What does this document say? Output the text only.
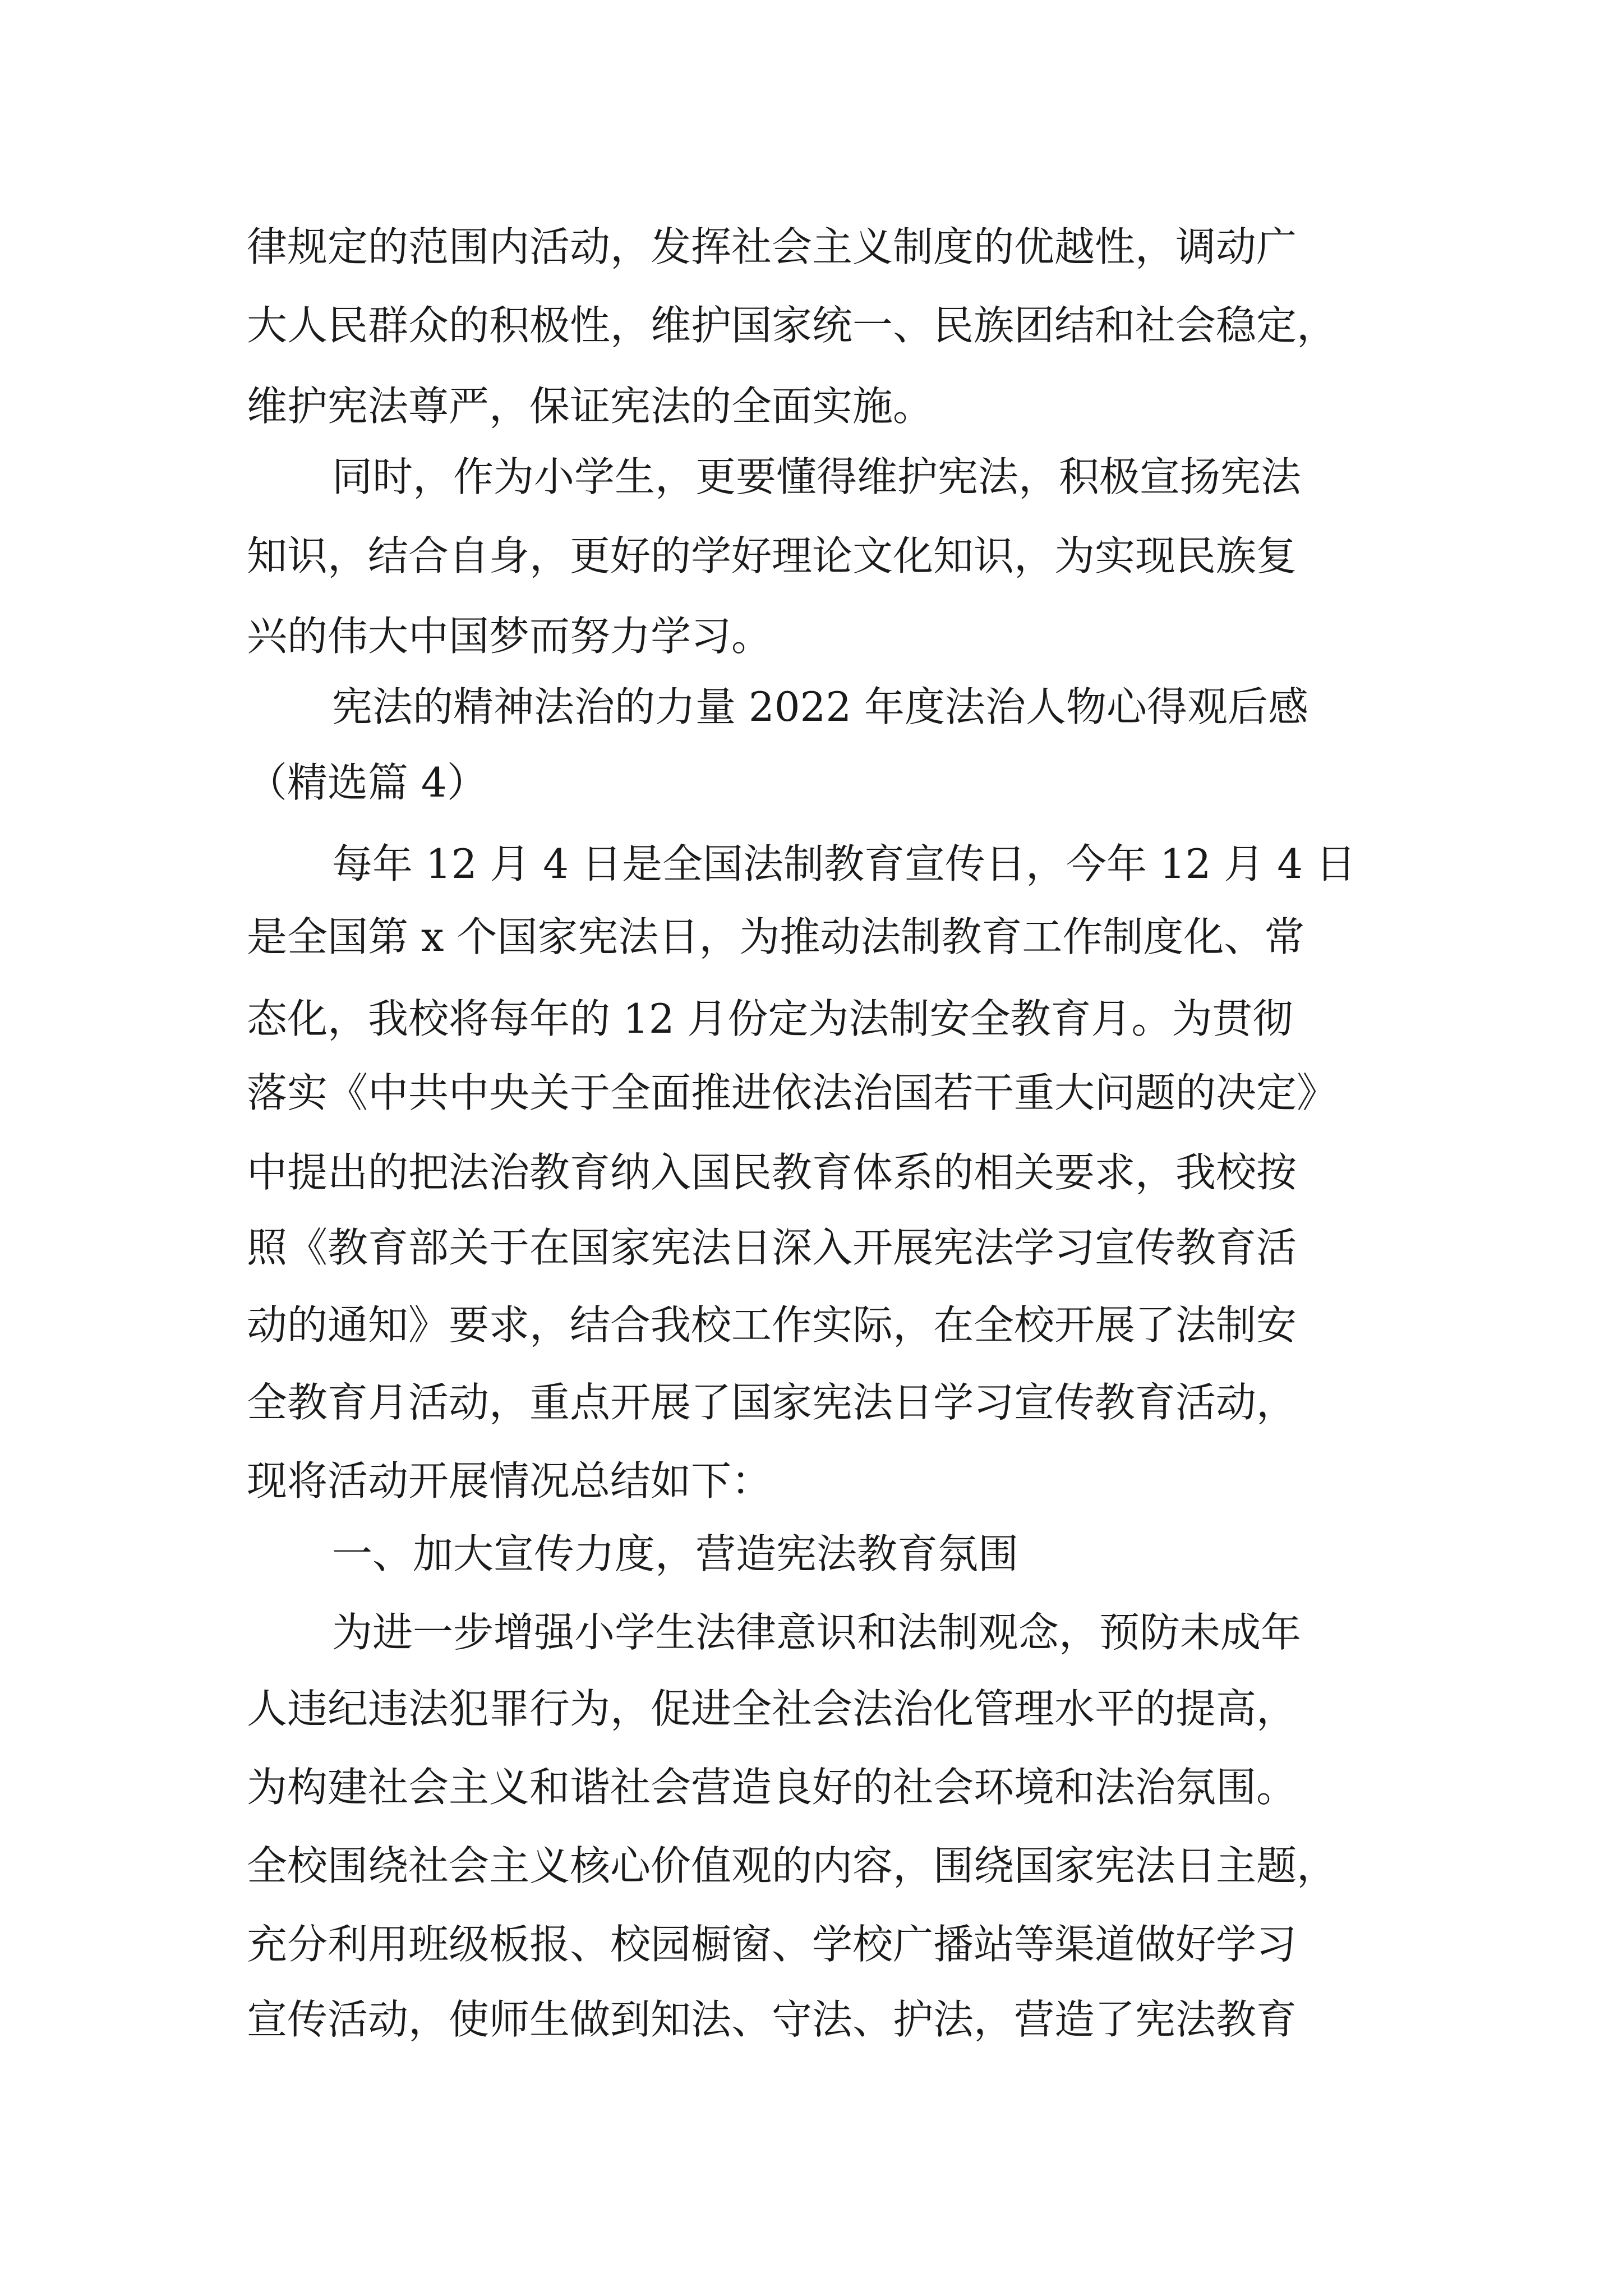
律规定的范围内活动，发挥社会主义制度的优越性，调动广
大人民群众的积极性，维护国家统一、民族团结和社会稳定，
维护宪法尊严，保证宪法的全面实施。
同时，作为小学生，更要懂得维护宪法，积极宣扬宪法
知识，结合自身，更好的学好理论文化知识，为实现民族复
兴的伟大中国梦而努力学习。
宪法的精神法治的力量 2022 年度法治人物心得观后感
（精选篇 4）
每年 12 月 4 日是全国法制教育宣传日，今年 12 月 4 日
是全国第 x 个国家宪法日，为推动法制教育工作制度化、常
态化，我校将每年的 12 月份定为法制安全教育月。为贯彻
落实《中共中央关于全面推进依法治国若干重大问题的决定》
中提出的把法治教育纳入国民教育体系的相关要求，我校按
照《教育部关于在国家宪法日深入开展宪法学习宣传教育活
动的通知》要求，结合我校工作实际，在全校开展了法制安
全教育月活动，重点开展了国家宪法日学习宣传教育活动，
现将活动开展情况总结如下：
一、加大宣传力度，营造宪法教育氛围
为进一步增强小学生法律意识和法制观念，预防未成年
人违纪违法犯罪行为，促进全社会法治化管理水平的提高，
为构建社会主义和谐社会营造良好的社会环境和法治氛围。
全校围绕社会主义核心价值观的内容，围绕国家宪法日主题，
充分利用班级板报、校园橱窗、学校广播站等渠道做好学习
宣传活动，使师生做到知法、守法、护法，营造了宪法教育
